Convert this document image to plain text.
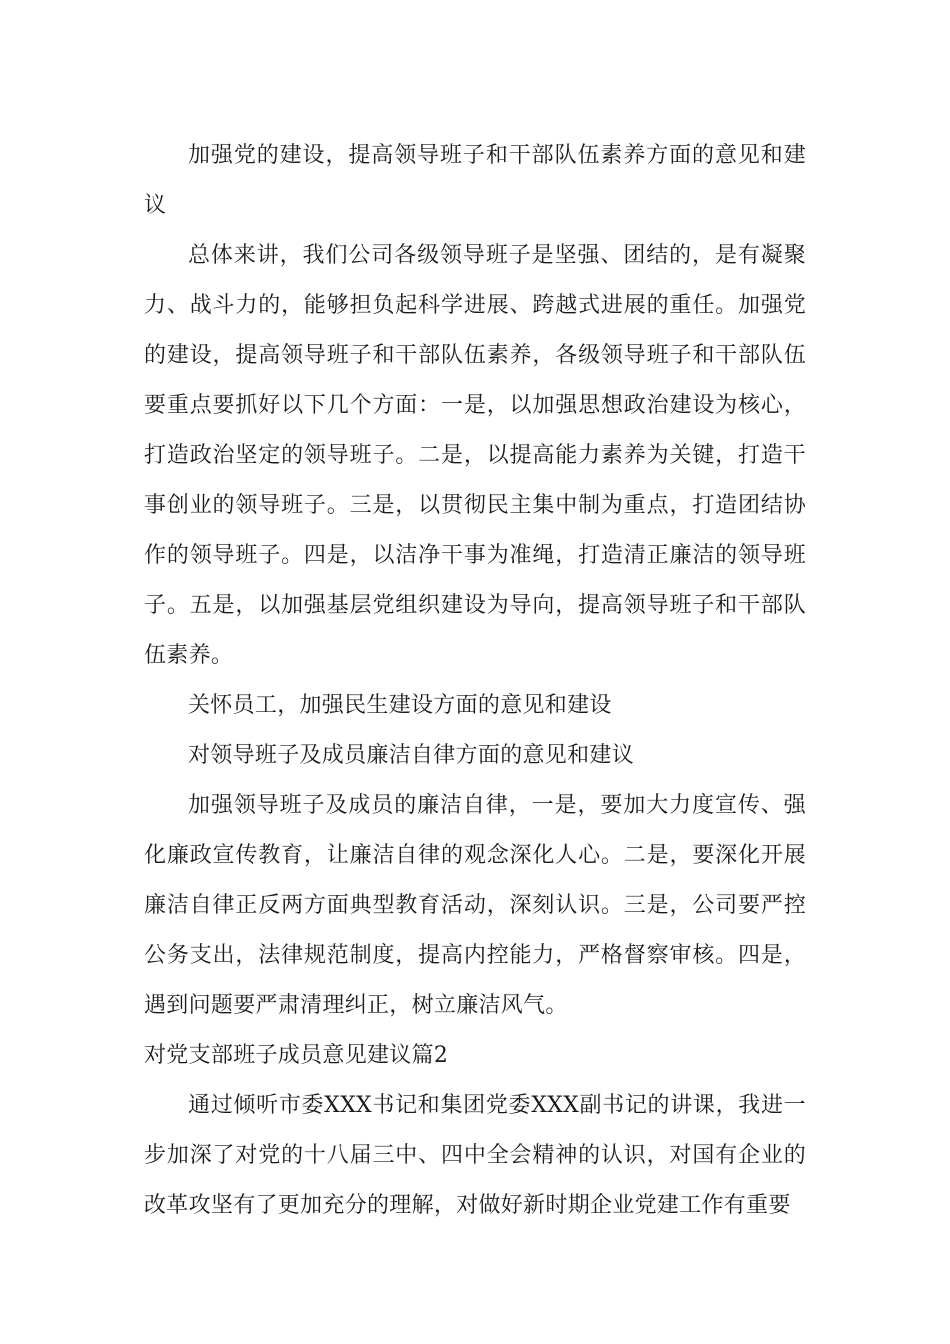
加强党的建设，提高领导班子和干部队伍素养方面的意见和建议

总体来讲，我们公司各级领导班子是坚强、团结的，是有凝聚力、战斗力的，能够担负起科学进展、跨越式进展的重任。加强党的建设，提高领导班子和干部队伍素养，各级领导班子和干部队伍要重点要抓好以下几个方面：一是，以加强思想政治建设为核心，打造政治坚定的领导班子。二是，以提高能力素养为关键，打造干事创业的领导班子。三是，以贯彻民主集中制为重点，打造团结协作的领导班子。四是，以洁净干事为准绳，打造清正廉洁的领导班子。五是，以加强基层党组织建设为导向，提高领导班子和干部队伍素养。

关怀员工，加强民生建设方面的意见和建设

对领导班子及成员廉洁自律方面的意见和建议

加强领导班子及成员的廉洁自律，一是，要加大力度宣传、强化廉政宣传教育，让廉洁自律的观念深化人心。二是，要深化开展廉洁自律正反两方面典型教育活动，深刻认识。三是，公司要严控公务支出，法律规范制度，提高内控能力，严格督察审核。四是，遇到问题要严肃清理纠正，树立廉洁风气。

对党支部班子成员意见建议篇2

通过倾听市委XXX书记和集团党委XXX副书记的讲课，我进一步加深了对党的十八届三中、四中全会精神的认识，对国有企业的改革攻坚有了更加充分的理解，对做好新时期企业党建工作有重要
